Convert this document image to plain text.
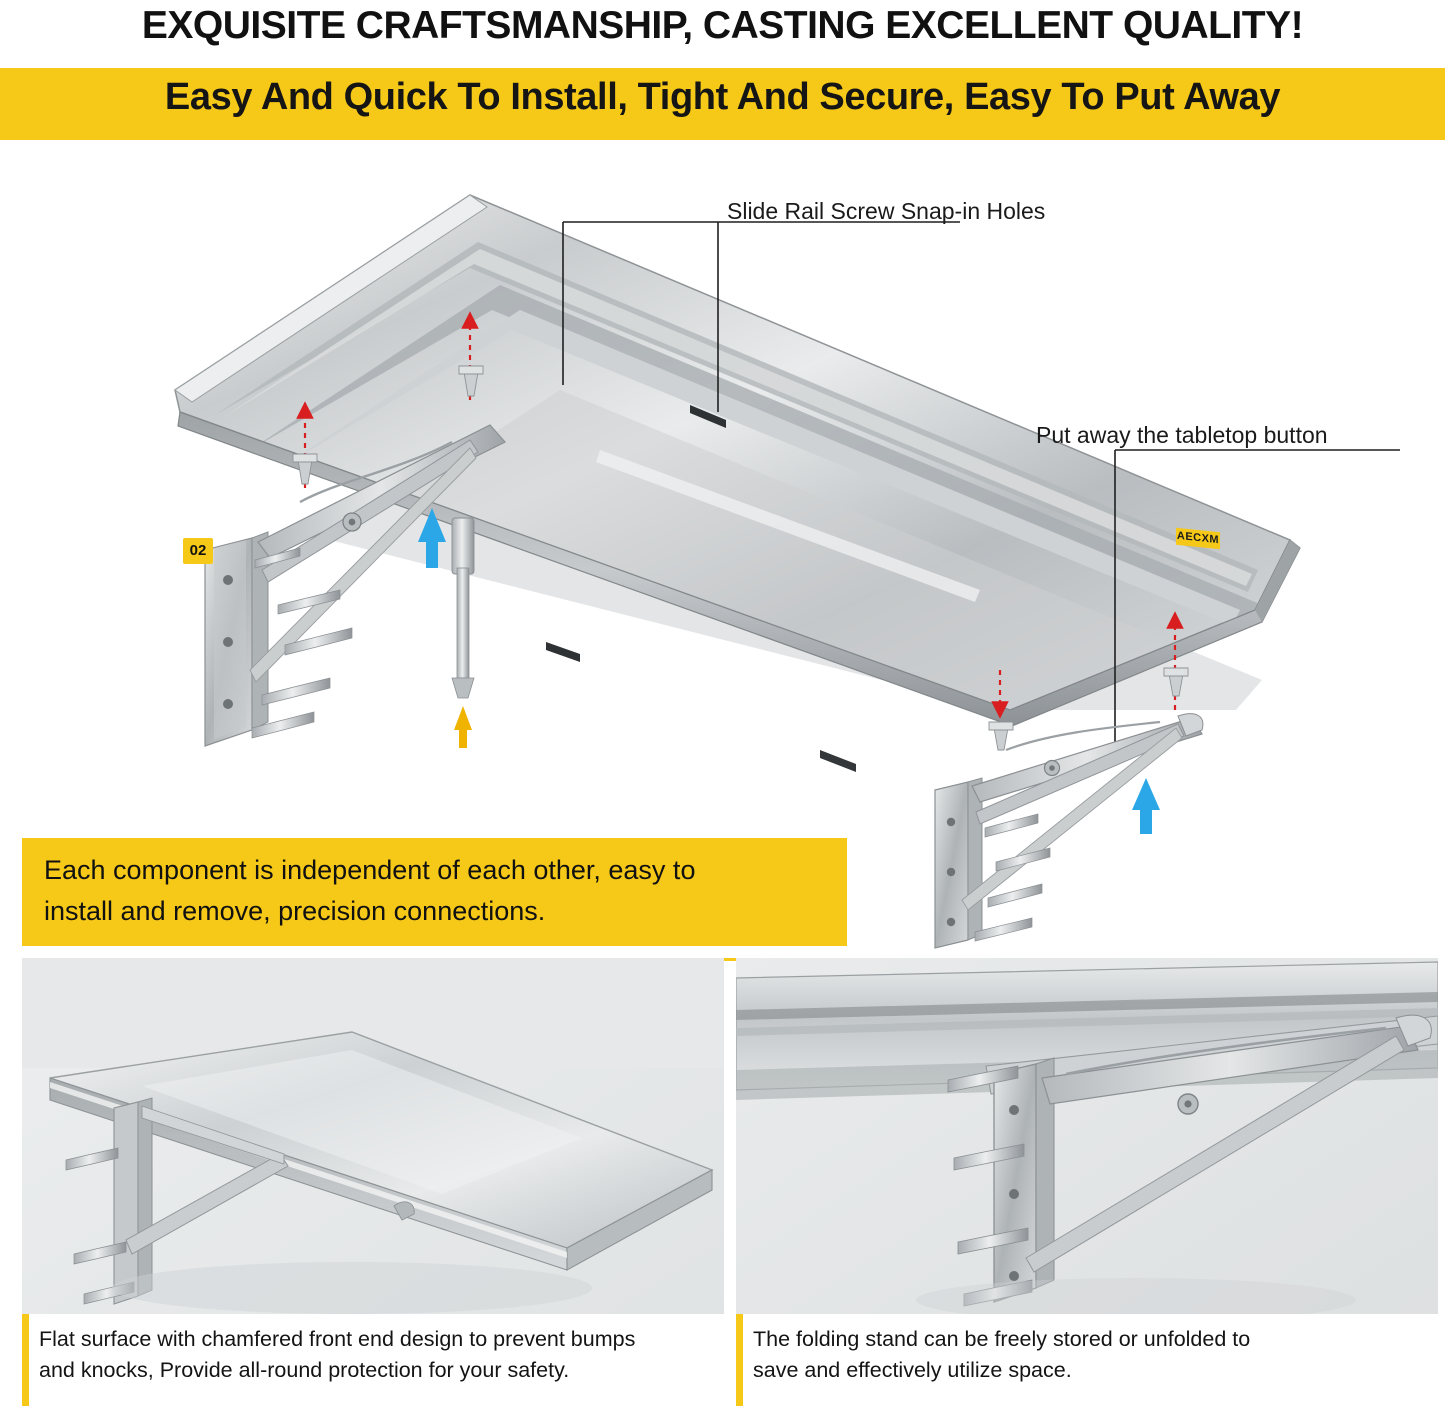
EXQUISITE CRAFTSMANSHIP, CASTING EXCELLENT QUALITY!
Easy And Quick To Install, Tight And Secure, Easy To Put Away
Slide Rail Screw Snap-in Holes
Put away the tabletop button
02
AECXM
Each component is independent of each other, easy to
install and remove, precision connections.
Flat surface with chamfered front end design to prevent bumps
and knocks, Provide all-round protection for your safety.
The folding stand can be freely stored or unfolded to
save and effectively utilize space.
